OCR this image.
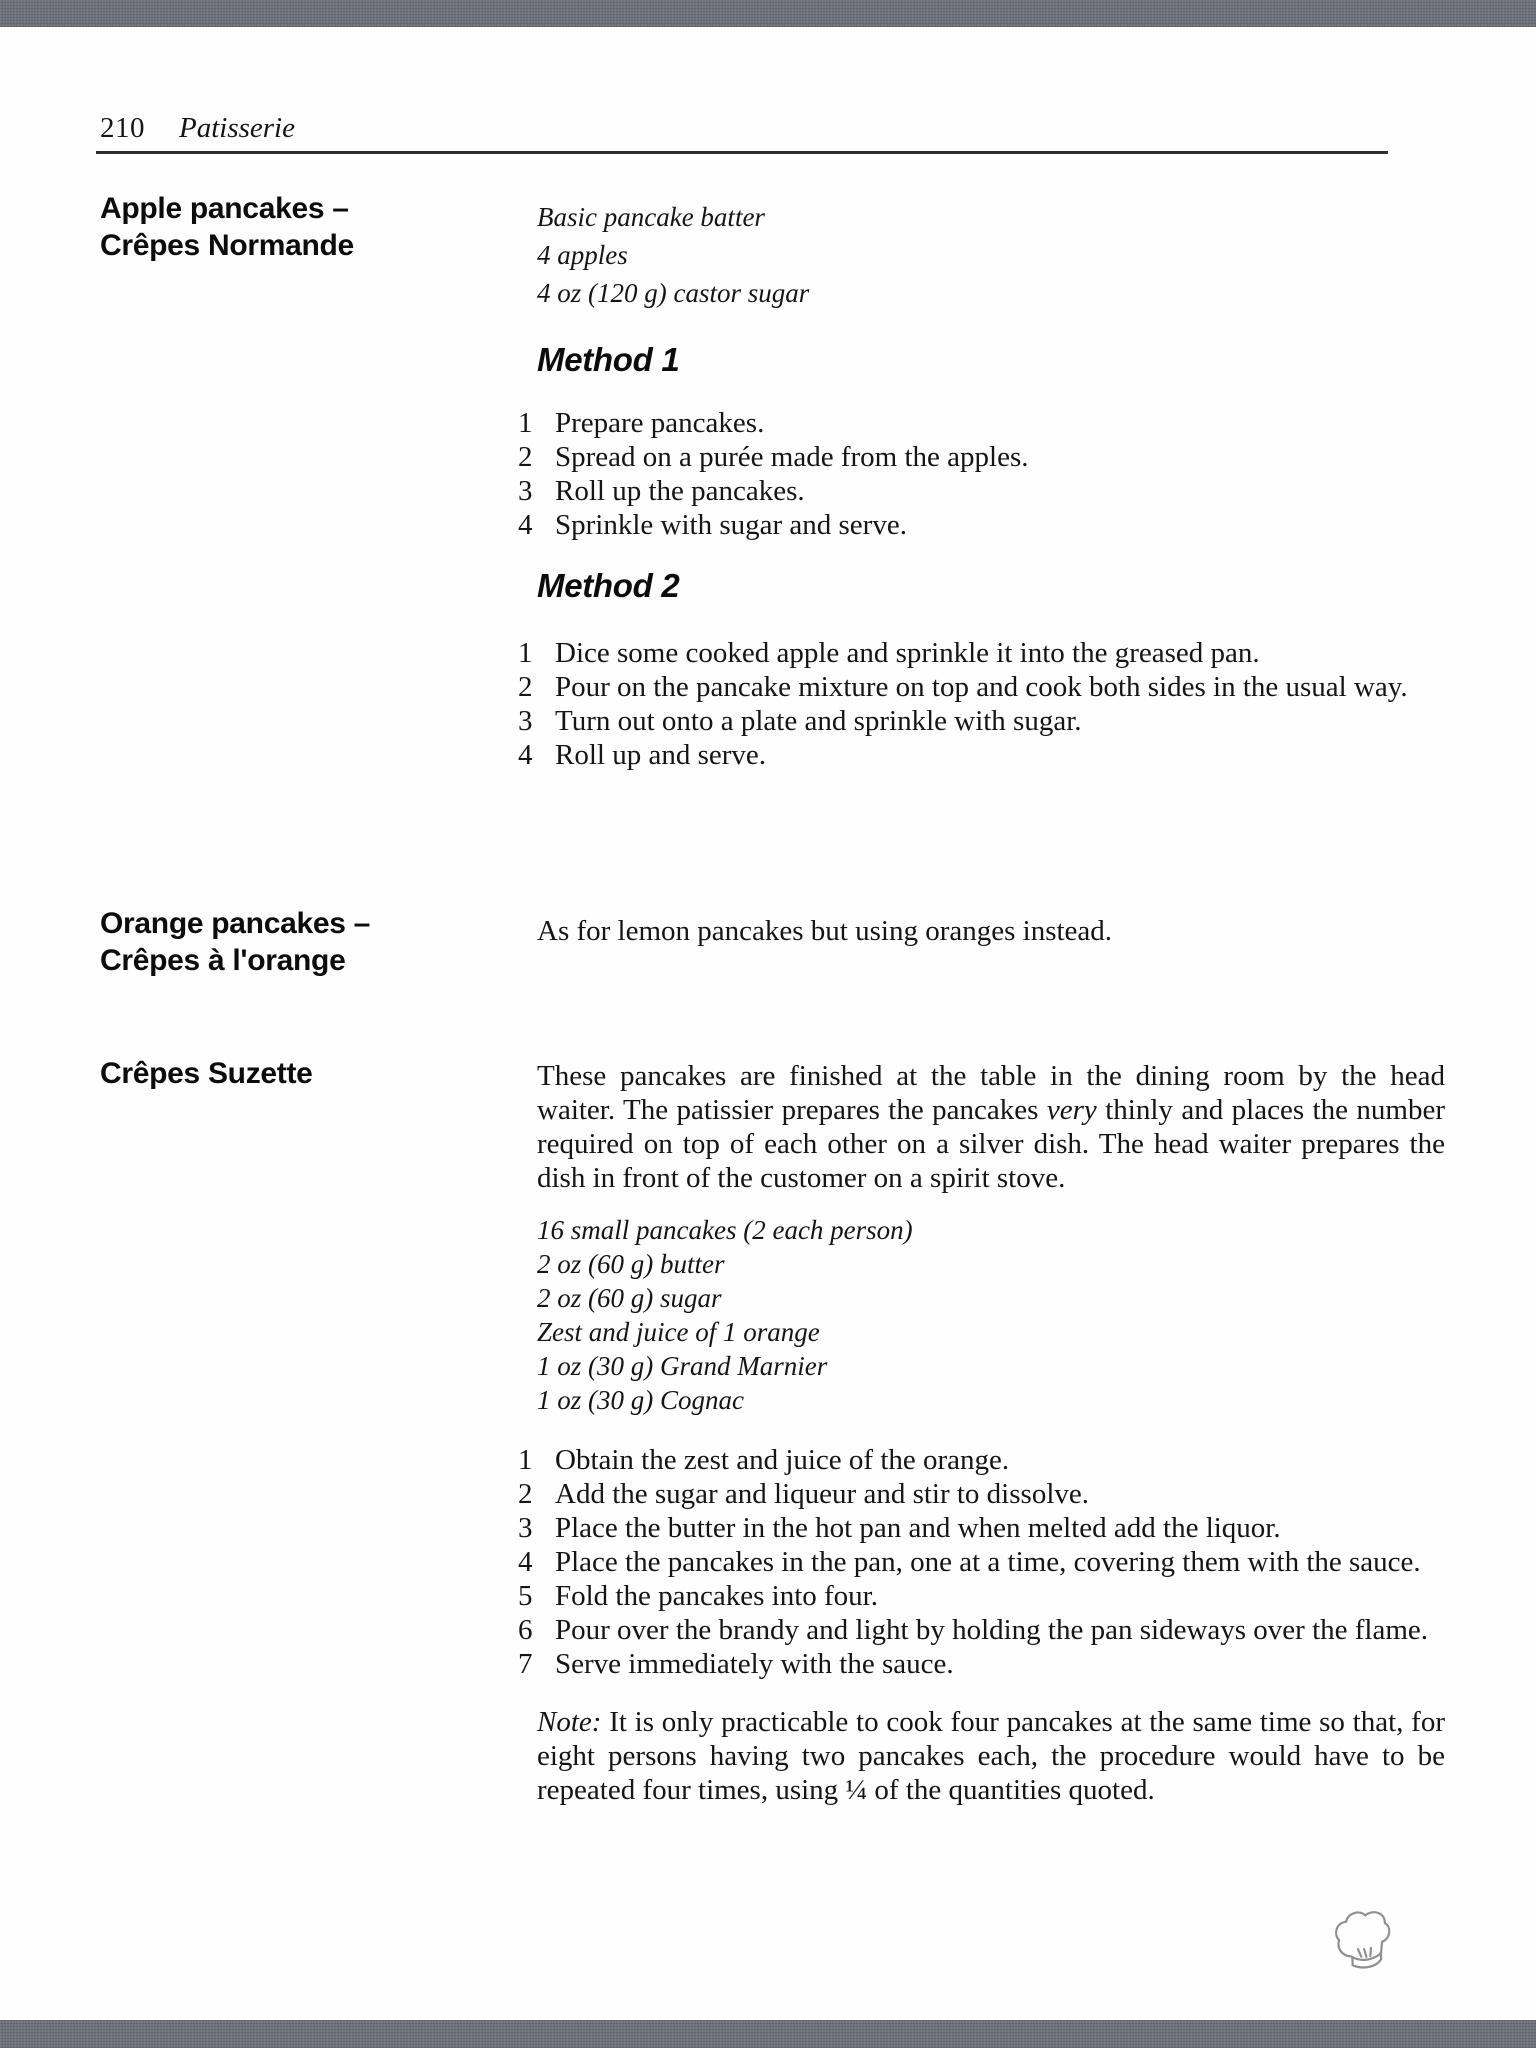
210 Patisserie
Apple pancakes –
Crêpes Normande
Basic pancake batter
4 apples
4 oz (120 g) castor sugar
Method 1
Prepare pancakes.
Spread on a purée made from the apples.
Roll up the pancakes.
Sprinkle with sugar and serve.
Method 2
Dice some cooked apple and sprinkle it into the greased pan.
Pour on the pancake mixture on top and cook both sides in the usual way.
Turn out onto a plate and sprinkle with sugar.
Roll up and serve.
Orange pancakes –
Crêpes à l'orange

As for lemon pancakes but using oranges instead.

Crêpes Suzette	These pancakes are finished at the table in the dining room by the head waiter. The patissier prepares the pancakes very thinly and places the number required on top of each other on a silver dish. The head waiter prepares the dish in front of the customer on a spirit stove.

16 small pancakes (2 each person)
2 oz (60 g) butter
2 oz (60 g) sugar
Zest and juice of 1 orange
1 oz (30 g) Grand Marnier
1 oz (30 g) Cognac
Obtain the zest and juice of the orange.
Add the sugar and liqueur and stir to dissolve.
Place the butter in the hot pan and when melted add the liquor.
Place the pancakes in the pan, one at a time, covering them with the sauce.
Fold the pancakes into four.
Pour over the brandy and light by holding the pan sideways over the flame.
Serve immediately with the sauce.

Note: It is only practicable to cook four pancakes at the same time so that, for eight persons having two pancakes each, the procedure would have to be repeated four times, using ¼ of the quantities quoted.
